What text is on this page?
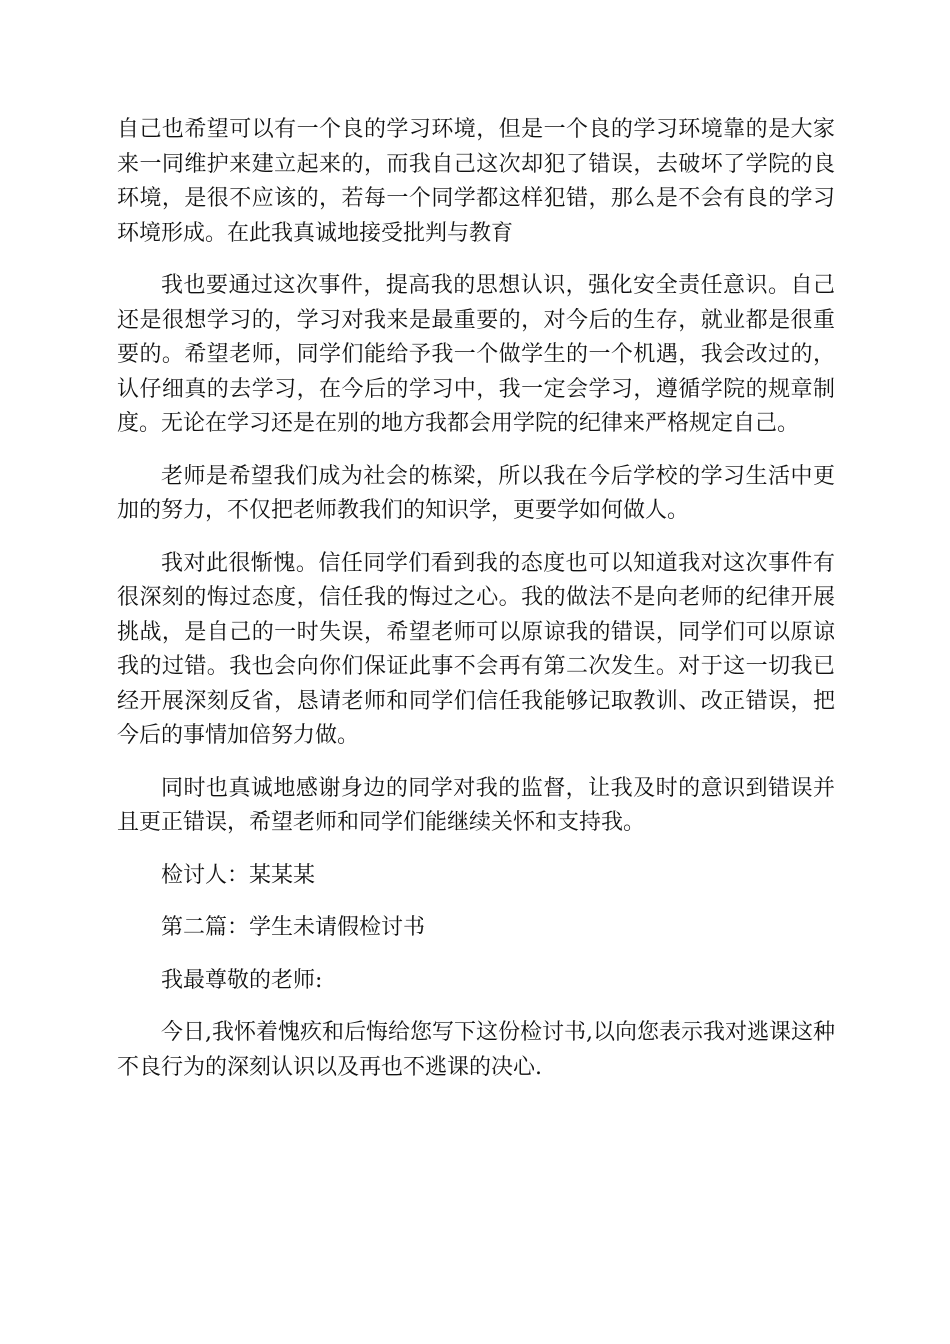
自己也希望可以有一个良的学习环境，但是一个良的学习环境靠的是大家来一同维护来建立起来的，而我自己这次却犯了错误，去破坏了学院的良环境，是很不应该的，若每一个同学都这样犯错，那么是不会有良的学习环境形成。在此我真诚地接受批判与教育

我也要通过这次事件，提高我的思想认识，强化安全责任意识。自己还是很想学习的，学习对我来是最重要的，对今后的生存，就业都是很重要的。希望老师，同学们能给予我一个做学生的一个机遇，我会改过的，认仔细真的去学习，在今后的学习中，我一定会学习，遵循学院的规章制度。无论在学习还是在别的地方我都会用学院的纪律来严格规定自己。

老师是希望我们成为社会的栋梁，所以我在今后学校的学习生活中更加的努力，不仅把老师教我们的知识学，更要学如何做人。

我对此很惭愧。信任同学们看到我的态度也可以知道我对这次事件有很深刻的悔过态度，信任我的悔过之心。我的做法不是向老师的纪律开展挑战，是自己的一时失误，希望老师可以原谅我的错误，同学们可以原谅我的过错。我也会向你们保证此事不会再有第二次发生。对于这一切我已经开展深刻反省，恳请老师和同学们信任我能够记取教训、改正错误，把今后的事情加倍努力做。

同时也真诚地感谢身边的同学对我的监督，让我及时的意识到错误并且更正错误，希望老师和同学们能继续关怀和支持我。

检讨人：某某某

第二篇：学生未请假检讨书

我最尊敬的老师:

今日,我怀着愧疚和后悔给您写下这份检讨书,以向您表示我对逃课这种不良行为的深刻认识以及再也不逃课的决心.
